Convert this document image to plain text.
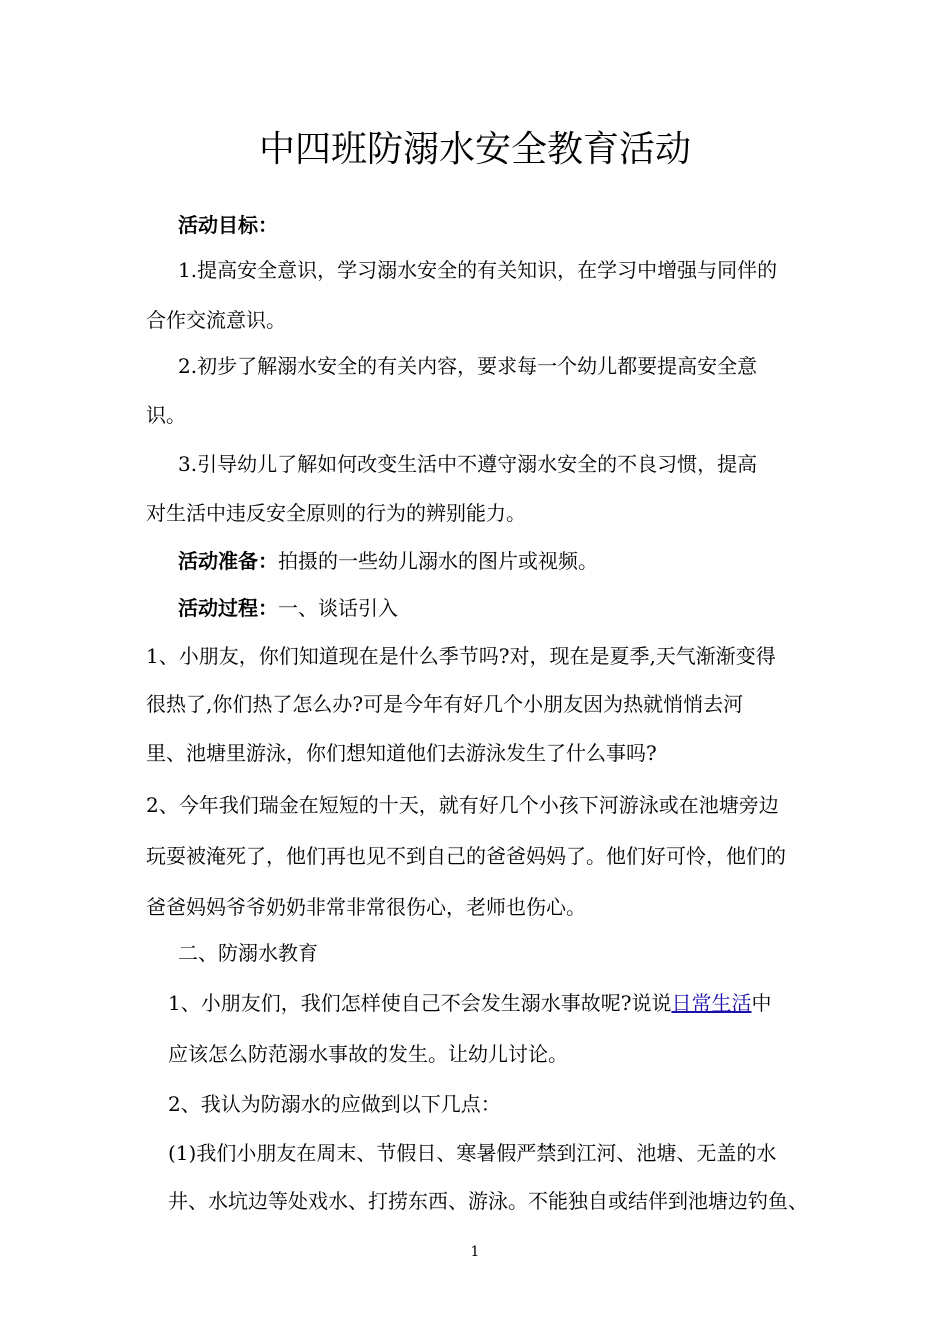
中四班防溺水安全教育活动
活动目标：
1.提高安全意识，学习溺水安全的有关知识，在学习中增强与同伴的
合作交流意识。
2.初步了解溺水安全的有关内容，要求每一个幼儿都要提高安全意
识。
3.引导幼儿了解如何改变生活中不遵守溺水安全的不良习惯，提高
对生活中违反安全原则的行为的辨别能力。
活动准备：拍摄的一些幼儿溺水的图片或视频。
活动过程：一、谈话引入
1、小朋友，你们知道现在是什么季节吗?对，现在是夏季,天气渐渐变得
很热了,你们热了怎么办?可是今年有好几个小朋友因为热就悄悄去河
里、池塘里游泳，你们想知道他们去游泳发生了什么事吗?
2、今年我们瑞金在短短的十天，就有好几个小孩下河游泳或在池塘旁边
玩耍被淹死了，他们再也见不到自己的爸爸妈妈了。他们好可怜，他们的
爸爸妈妈爷爷奶奶非常非常很伤心，老师也伤心。
二、防溺水教育
1、小朋友们，我们怎样使自己不会发生溺水事故呢?说说日常生活中
应该怎么防范溺水事故的发生。让幼儿讨论。
2、我认为防溺水的应做到以下几点：
(1)我们小朋友在周末、节假日、寒暑假严禁到江河、池塘、无盖的水
井、水坑边等处戏水、打捞东西、游泳。不能独自或结伴到池塘边钓鱼、
1
